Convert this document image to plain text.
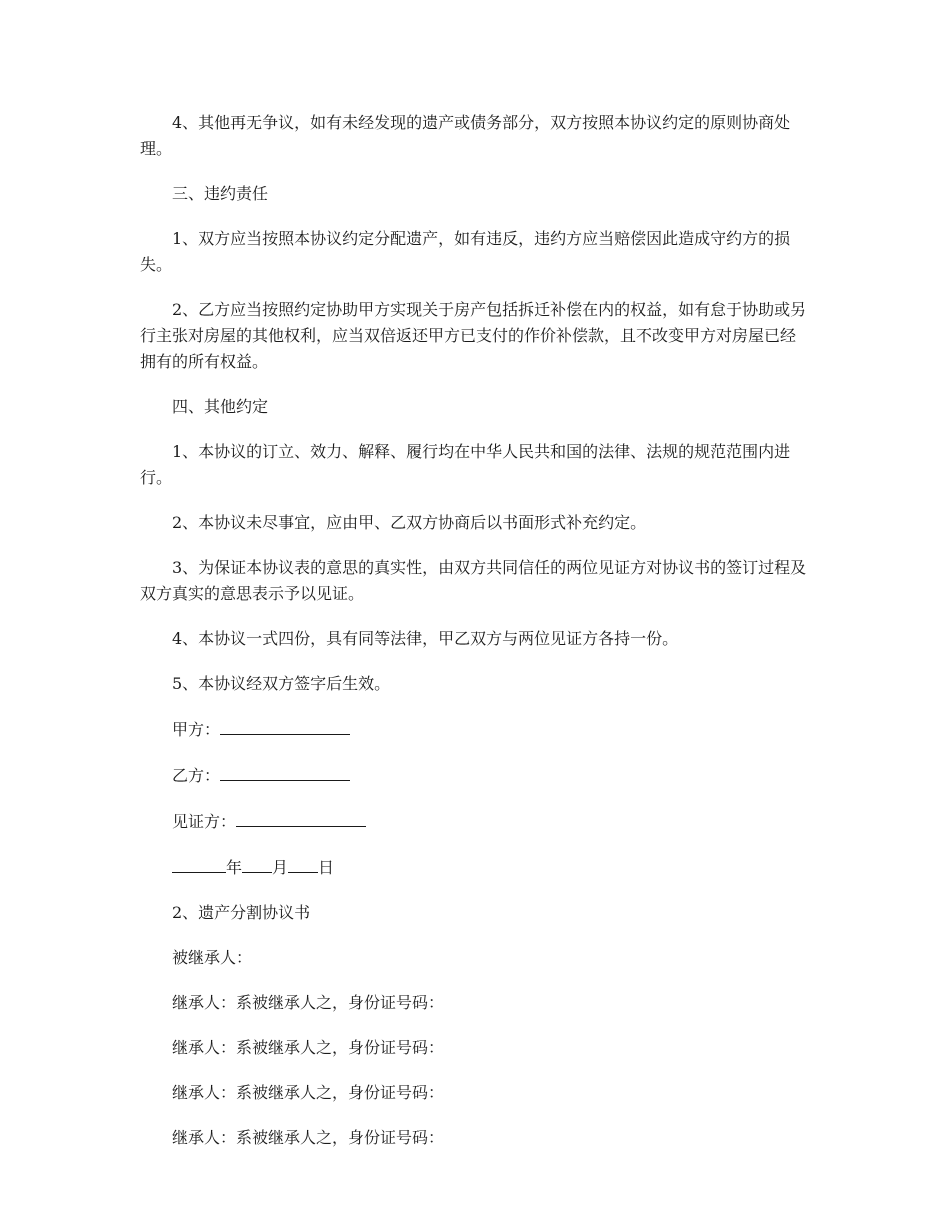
4、其他再无争议，如有未经发现的遗产或债务部分，双方按照本协议约定的原则协商处理。

三、违约责任

1、双方应当按照本协议约定分配遗产，如有违反，违约方应当赔偿因此造成守约方的损失。

2、乙方应当按照约定协助甲方实现关于房产包括拆迁补偿在内的权益，如有怠于协助或另行主张对房屋的其他权利，应当双倍返还甲方已支付的作价补偿款，且不改变甲方对房屋已经拥有的所有权益。

四、其他约定

1、本协议的订立、效力、解释、履行均在中华人民共和国的法律、法规的规范范围内进行。

2、本协议未尽事宜，应由甲、乙双方协商后以书面形式补充约定。

3、为保证本协议表的意思的真实性，由双方共同信任的两位见证方对协议书的签订过程及双方真实的意思表示予以见证。

4、本协议一式四份，具有同等法律，甲乙双方与两位见证方各持一份。

5、本协议经双方签字后生效。

甲方：

乙方：

见证方：

年 月 日

2、遗产分割协议书

被继承人：

继承人：系被继承人之，身份证号码：

继承人：系被继承人之，身份证号码：

继承人：系被继承人之，身份证号码：

继承人：系被继承人之，身份证号码：
